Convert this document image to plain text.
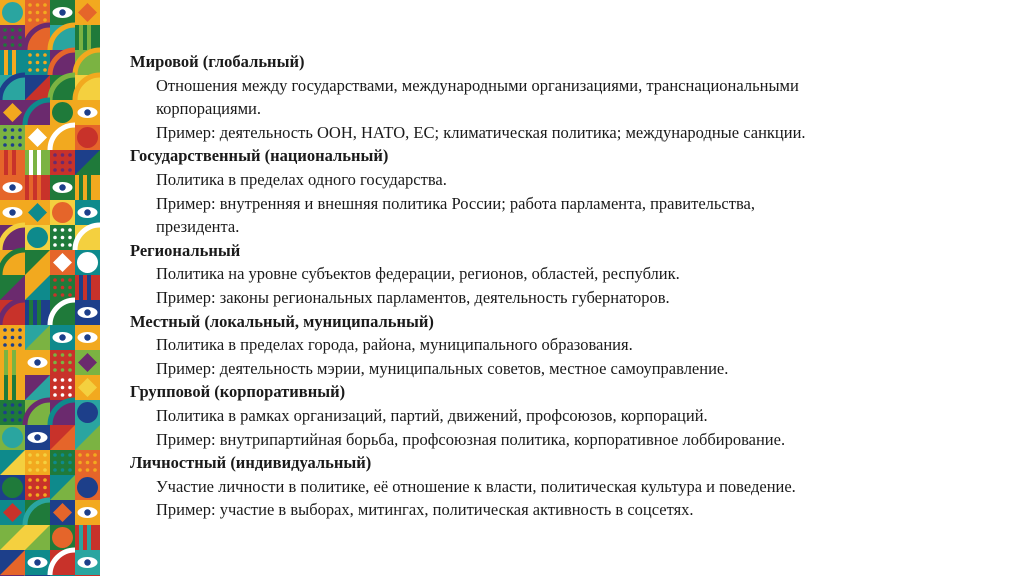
Мировой (глобальный)

Отношения между государствами, международными организациями, транснациональными

корпорациями.

Пример: деятельность ООН, НАТО, ЕС; климатическая политика; международные санкции.

Государственный (национальный)

Политика в пределах одного государства.

Пример: внутренняя и внешняя политика России; работа парламента, правительства,

президента.

Региональный

Политика на уровне субъектов федерации, регионов, областей, республик.

Пример: законы региональных парламентов, деятельность губернаторов.

Местный (локальный, муниципальный)

Политика в пределах города, района, муниципального образования.

Пример: деятельность мэрии, муниципальных советов, местное самоуправление.

Групповой (корпоративный)

Политика в рамках организаций, партий, движений, профсоюзов, корпораций.

Пример: внутрипартийная борьба, профсоюзная политика, корпоративное лоббирование.

Личностный (индивидуальный)

Участие личности в политике, её отношение к власти, политическая культура и поведение.

Пример: участие в выборах, митингах, политическая активность в соцсетях.
